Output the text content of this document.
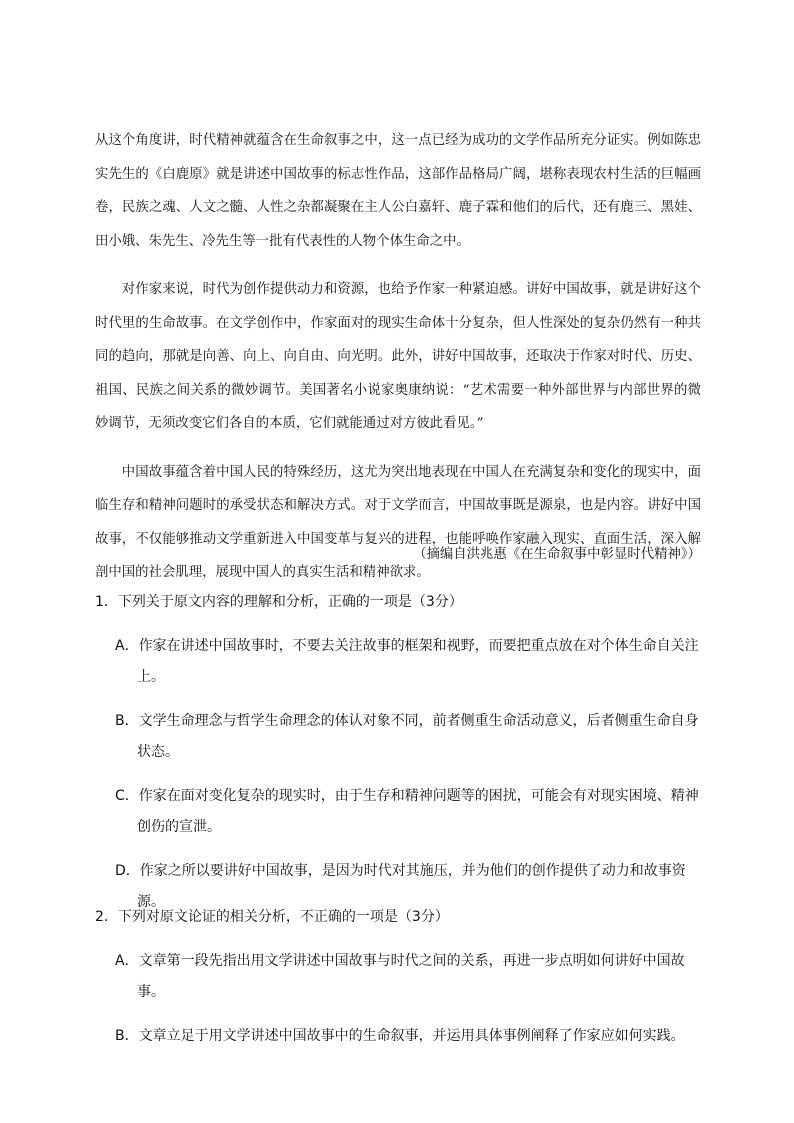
从这个角度讲，时代精神就蕴含在生命叙事之中，这一点已经为成功的文学作品所充分证实。例如陈忠实先生的《白鹿原》就是讲述中国故事的标志性作品，这部作品格局广阔，堪称表现农村生活的巨幅画卷，民族之魂、人文之髓、人性之杂都凝聚在主人公白嘉轩、鹿子霖和他们的后代，还有鹿三、黑娃、田小娥、朱先生、冷先生等一批有代表性的人物个体生命之中。

对作家来说，时代为创作提供动力和资源，也给予作家一种紧迫感。讲好中国故事，就是讲好这个时代里的生命故事。在文学创作中，作家面对的现实生命体十分复杂，但人性深处的复杂仍然有一种共同的趋向，那就是向善、向上、向自由、向光明。此外，讲好中国故事，还取决于作家对时代、历史、祖国、民族之间关系的微妙调节。美国著名小说家奥康纳说：“艺术需要一种外部世界与内部世界的微妙调节，无须改变它们各自的本质，它们就能通过对方彼此看见。”

中国故事蕴含着中国人民的特殊经历，这尤为突出地表现在中国人在充满复杂和变化的现实中，面临生存和精神问题时的承受状态和解决方式。对于文学而言，中国故事既是源泉，也是内容。讲好中国故事，不仅能够推动文学重新进入中国变革与复兴的进程，也能呼唤作家融入现实、直面生活，深入解剖中国的社会肌理，展现中国人的真实生活和精神欲求。

（摘编自洪兆惠《在生命叙事中彰显时代精神》）

1．下列关于原文内容的理解和分析，正确的一项是（3分）

A．作家在讲述中国故事时，不要去关注故事的框架和视野，而要把重点放在对个体生命自关注上。

B．文学生命理念与哲学生命理念的体认对象不同，前者侧重生命活动意义，后者侧重生命自身状态。

C．作家在面对变化复杂的现实时，由于生存和精神问题等的困扰，可能会有对现实困境、精神创伤的宣泄。

D．作家之所以要讲好中国故事，是因为时代对其施压，并为他们的创作提供了动力和故事资源。

2．下列对原文论证的相关分析，不正确的一项是（3分）

A．文章第一段先指出用文学讲述中国故事与时代之间的关系，再进一步点明如何讲好中国故事。

B．文章立足于用文学讲述中国故事中的生命叙事，并运用具体事例阐释了作家应如何实践。
